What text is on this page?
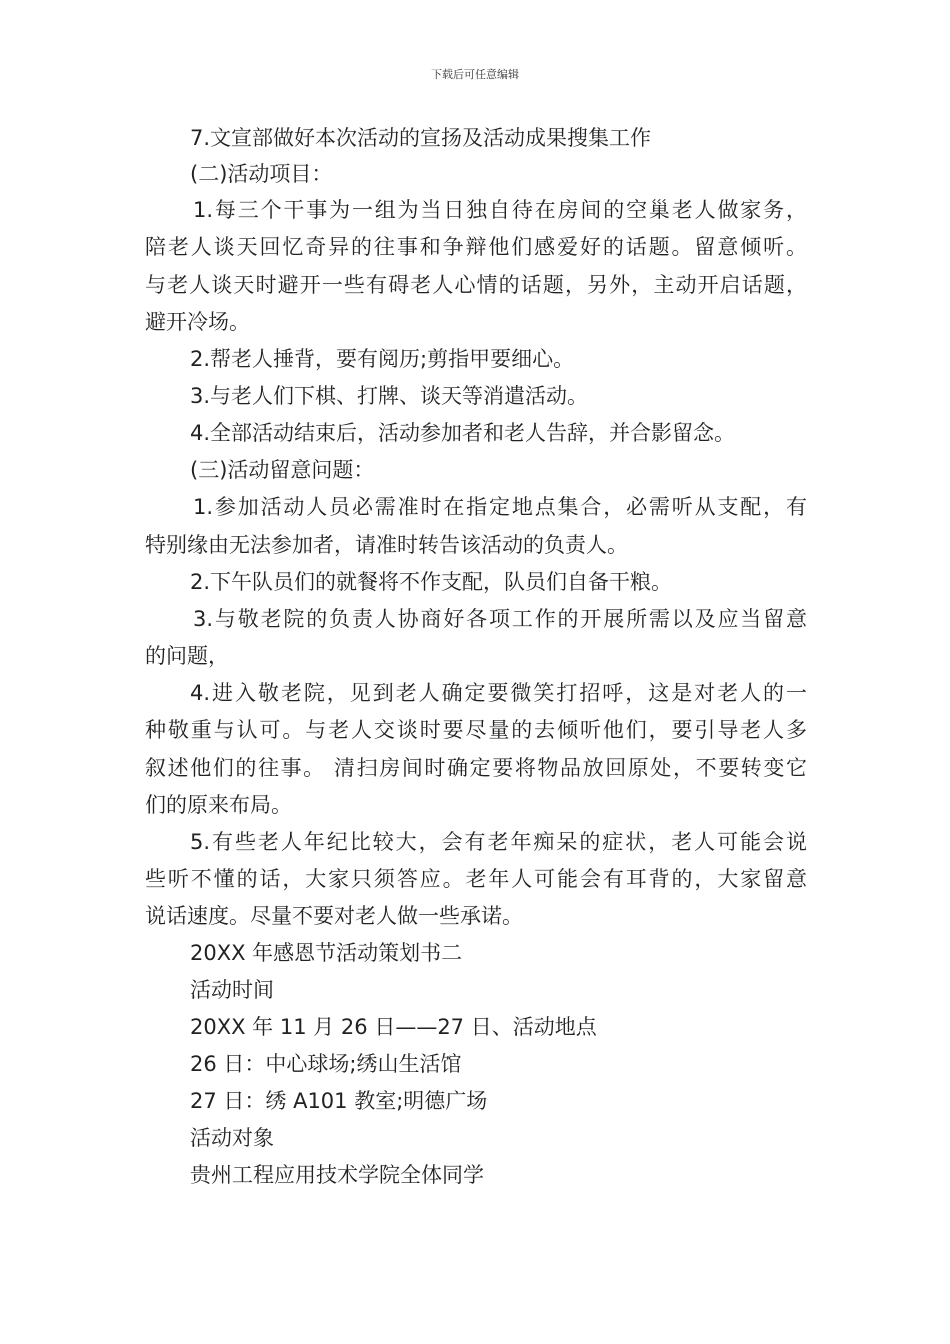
下载后可任意编辑
7.文宣部做好本次活动的宣扬及活动成果搜集工作
(二)活动项目：
1.每三个干事为一组为当日独自待在房间的空巢老人做家务，
陪老人谈天回忆奇异的往事和争辩他们感爱好的话题。留意倾听。
与老人谈天时避开一些有碍老人心情的话题，另外，主动开启话题，
避开冷场。
2.帮老人捶背，要有阅历;剪指甲要细心。
3.与老人们下棋、打牌、谈天等消遣活动。
4.全部活动结束后，活动参加者和老人告辞，并合影留念。
(三)活动留意问题：
1.参加活动人员必需准时在指定地点集合，必需听从支配，有
特别缘由无法参加者，请准时转告该活动的负责人。
2.下午队员们的就餐将不作支配，队员们自备干粮。
3.与敬老院的负责人协商好各项工作的开展所需以及应当留意
的问题，
4.进入敬老院，见到老人确定要微笑打招呼，这是对老人的一
种敬重与认可。与老人交谈时要尽量的去倾听他们，要引导老人多
叙述他们的往事。 清扫房间时确定要将物品放回原处，不要转变它
们的原来布局。
5.有些老人年纪比较大，会有老年痴呆的症状，老人可能会说
些听不懂的话，大家只须答应。老年人可能会有耳背的，大家留意
说话速度。尽量不要对老人做一些承诺。
20XX 年感恩节活动策划书二
活动时间
20XX 年 11 月 26 日——27 日、活动地点
26 日：中心球场;绣山生活馆
27 日：绣 A101 教室;明德广场
活动对象
贵州工程应用技术学院全体同学
